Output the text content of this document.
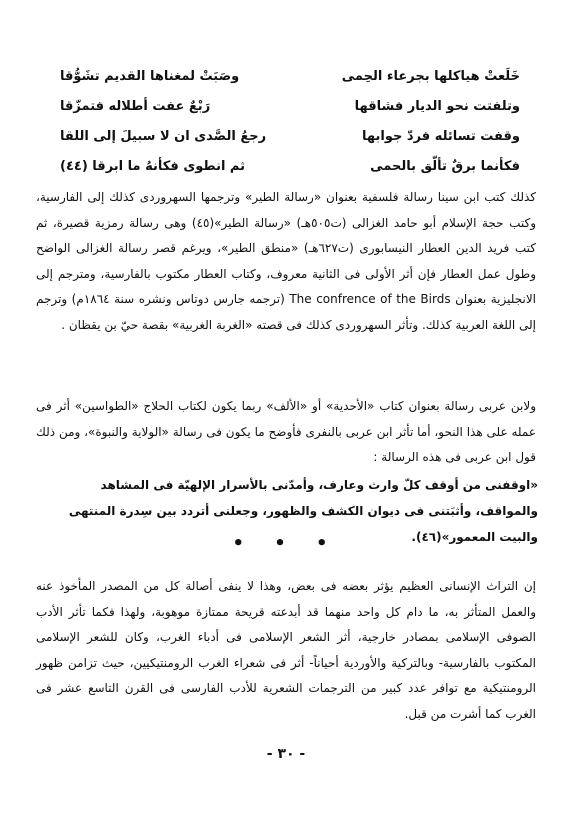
خَلَعتْ هياكلها بجرعاء الحِمى
وصَبَتْ لمغناها القديم تشَوُّقا
وتلفتت نحو الديار فشاقها
رَبْعٌ عفت أطلاله فتمزّقا
وقفت تسائله فردّ جوابها
رجعُ الصَّدى ان لا سبيلَ إلى اللقا
فكأنما برقٌ تألّق بالحمى
ثم انطوى فكأنهُ ما ابرقا (٤٤)

كذلك كتب ابن سينا رسالة فلسفية بعنوان «رسالة الطير» وترجمها السهروردى كذلك إلى الفارسية، وكتب حجة الإسلام أبو حامد الغزالى (ت٥٠٥هـ) «رسالة الطير»(٤٥) وهى رسالة رمزية قصيرة، ثم كتب فريد الدين العطار النيسابورى (ت٦٢٧هـ) «منطق الطير»، ويرغم قصر رسالة الغزالى الواضح وطول عمل العطار فإن أثر الأولى فى الثانية معروف، وكتاب العطار مكتوب بالفارسية، ومترجم إلى الانجليزية بعنوان The confrence of the Birds (ترجمه جارس دوتاس ونشره سنة ١٨٦٤م) وترجم إلى اللغة العربية كذلك. وتأثر السهروردى كذلك فى قصته «الغربة الغربية» بقصة حيّ بن يقظان .

ولابن عربى رسالة بعنوان كتاب «الأحدية» أو «الألف» ربما يكون لكتاب الحلاج «الطواسين» أثر فى عمله على هذا النحو، أما تأثر ابن عربى بالنفرى فأوضح ما يكون فى رسالة «الولاية والنبوة»، ومن ذلك قول ابن عربى فى هذه الرسالة :

«اوقفنى من أوقف كلّ وارث وعارف، وأمدّنى بالأسرار الإلهيّة فى المشاهد والمواقف، وأثبَتنى فى ديوان الكشف والظهور، وجعلنى أتردد بين سِدرة المنتهى والبيت المعمور»(٤٦).

• • •

إن التراث الإنسانى العظيم يؤثر بعضه فى بعض، وهذا لا ينفى أصالة كل من المصدر المأخوذ عنه والعمل المتأثر به، ما دام كل واحد منهما قد أبدعته قريحة ممتازة موهوبة، ولهذا فكما تأثر الأدب الصوفى الإسلامى بمصادر خارجية، أثر الشعر الإسلامى فى أدباء الغرب، وكان للشعر الإسلامى المكتوب بالفارسية- وبالتركية والأوردية أحياناً- أثر فى شعراء الغرب الرومنتيكيين، حيث تزامن ظهور الرومنتيكية مع توافر عدد كبير من الترجمات الشعرية للأدب الفارسى فى القرن التاسع عشر فى الغرب كما أشرت من قبل.

- ٣٠ -
